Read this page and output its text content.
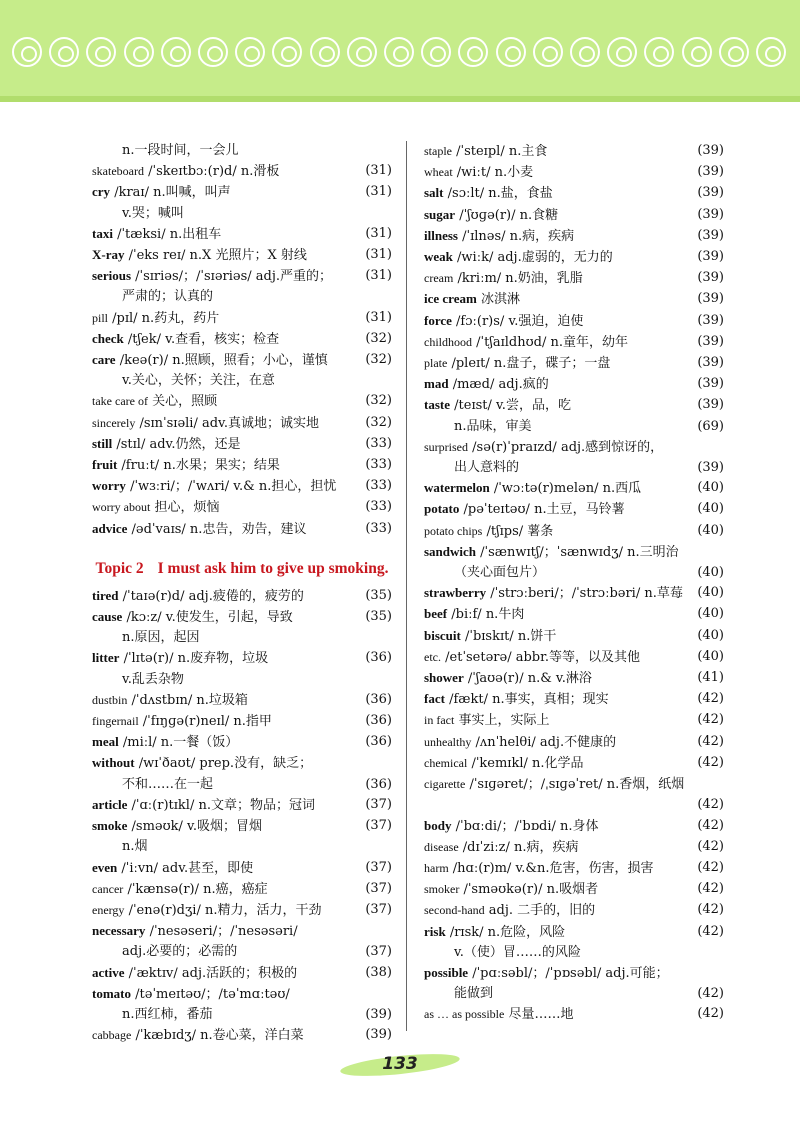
n.一段时间，一会儿
skateboard /ˈskeɪtbɔː(r)d/ n.滑板	(31)
cry /kraɪ/ n.叫喊，叫声
v.哭；喊叫
(31)
taxi /ˈtæksi/ n.出租车	(31)
X-ray /ˈeks reɪ/ n.X 光照片；X 射线	(31)
serious /ˈsɪriəs/；/ˈsɪəriəs/ adj.严重的；
严肃的；认真的
(31)
pill /pɪl/ n.药丸，药片	(31)
check /tʃek/ v.查看，核实；检查	(32)
care /keə(r)/ n.照顾，照看；小心，谨慎
v.关心，关怀；关注，在意
(32)
take care of 关心，照顾	(32)
sincerely /sɪnˈsɪəli/ adv.真诚地；诚实地	(32)
still /stɪl/ adv.仍然，还是	(33)
fruit /fruːt/ n.水果；果实；结果	(33)
worry /ˈwɜːri/；/ˈwʌri/ v.& n.担心，担忧	(33)
worry about 担心，烦恼	(33)
advice /ədˈvaɪs/ n.忠告，劝告，建议	(33)
Topic 2 I must ask him to give up smoking.
tired /ˈtaɪə(r)d/ adj.疲倦的，疲劳的	(35)
cause /kɔːz/ v.使发生，引起，导致
n.原因，起因
(35)
litter /ˈlɪtə(r)/ n.废弃物，垃圾
v.乱丢杂物
(36)
dustbin /ˈdʌstbɪn/ n.垃圾箱	(36)
fingernail /ˈfɪŋɡə(r)neɪl/ n.指甲	(36)
meal /miːl/ n.一餐（饭）	(36)
without /wɪˈðaʊt/ prep.没有，缺乏；
不和……在一起	(36)
article /ˈɑː(r)tɪkl/ n.文章；物品；冠词	(37)
smoke /sməʊk/ v.吸烟；冒烟
n.烟
(37)
even /ˈiːvn/ adv.甚至，即使	(37)
cancer /ˈkænsə(r)/ n.癌，癌症	(37)
energy /ˈenə(r)dʒi/ n.精力，活力，干劲	(37)
necessary /ˈnesəseri/；/ˈnesəsəri/
adj.必要的；必需的	(37)
active /ˈæktɪv/ adj.活跃的；积极的	(38)
tomato /təˈmeɪtəʊ/；/təˈmɑːtəʊ/
n.西红柿，番茄	(39)
cabbage /ˈkæbɪdʒ/ n.卷心菜，洋白菜	(39)
staple /ˈsteɪpl/ n.主食	(39)
wheat /wiːt/ n.小麦	(39)
salt /sɔːlt/ n.盐，食盐	(39)
sugar /ˈʃʊɡə(r)/ n.食糖	(39)
illness /ˈɪlnəs/ n.病，疾病	(39)
weak /wiːk/ adj.虚弱的，无力的	(39)
cream /kriːm/ n.奶油，乳脂	(39)
ice cream 冰淇淋	(39)
force /fɔː(r)s/ v.强迫，迫使	(39)
childhood /ˈtʃaɪldhʊd/ n.童年，幼年	(39)
plate /pleɪt/ n.盘子，碟子；一盘	(39)
mad /mæd/ adj.疯的	(39)
taste /teɪst/ v.尝，品，吃	(39)
n.品味，审美	(69)
surprised /sə(r)ˈpraɪzd/ adj.感到惊讶的，
出人意料的	(39)
watermelon /ˈwɔːtə(r)melən/ n.西瓜	(40)
potato /pəˈteɪtəʊ/ n.土豆，马铃薯	(40)
potato chips /tʃɪps/ 薯条	(40)
sandwich /ˈsænwɪtʃ/；ˈsænwɪdʒ/ n.三明治
（夹心面包片）	(40)
strawberry /ˈstrɔːberi/；/ˈstrɔːbəri/ n.草莓	(40)
beef /biːf/ n.牛肉	(40)
biscuit /ˈbɪskɪt/ n.饼干	(40)
etc. /etˈsetərə/ abbr.等等，以及其他	(40)
shower /ˈʃaʊə(r)/ n.& v.淋浴	(41)
fact /fækt/ n.事实，真相；现实	(42)
in fact 事实上，实际上	(42)
unhealthy /ʌnˈhelθi/ adj.不健康的	(42)
chemical /ˈkemɪkl/ n.化学品	(42)
cigarette /ˈsɪɡəret/；/ˌsɪɡəˈret/ n.香烟，纸烟

(42)
body /ˈbɑːdi/；/ˈbɒdi/ n.身体	(42)
disease /dɪˈziːz/ n.病，疾病	(42)
harm /hɑː(r)m/ v.&n.危害，伤害，损害	(42)
smoker /ˈsməʊkə(r)/ n.吸烟者	(42)
second-hand adj. 二手的，旧的	(42)
risk /rɪsk/ n.危险，风险
v.（使）冒……的风险
(42)
possible /ˈpɑːsəbl/；/ˈpɒsəbl/ adj.可能；
能做到	(42)
as … as possible 尽量……地	(42)
133
